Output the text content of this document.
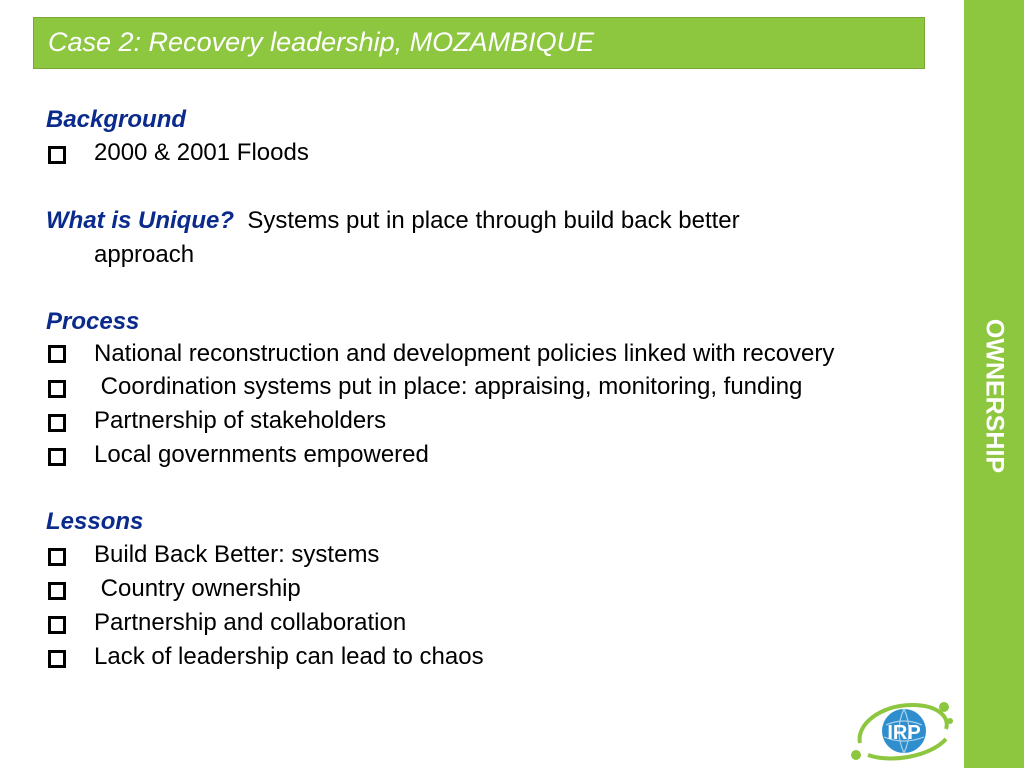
Case 2: Recovery leadership, MOZAMBIQUE
OWNERSHIP
Background
2000 & 2001 Floods
What is Unique? Systems put in place through build back better
approach
Process
National reconstruction and development policies linked with recovery
Coordination systems put in place: appraising, monitoring, funding
Partnership of stakeholders
Local governments empowered
Lessons
Build Back Better: systems
Country ownership
Partnership and collaboration
Lack of leadership can lead to chaos
IRP
